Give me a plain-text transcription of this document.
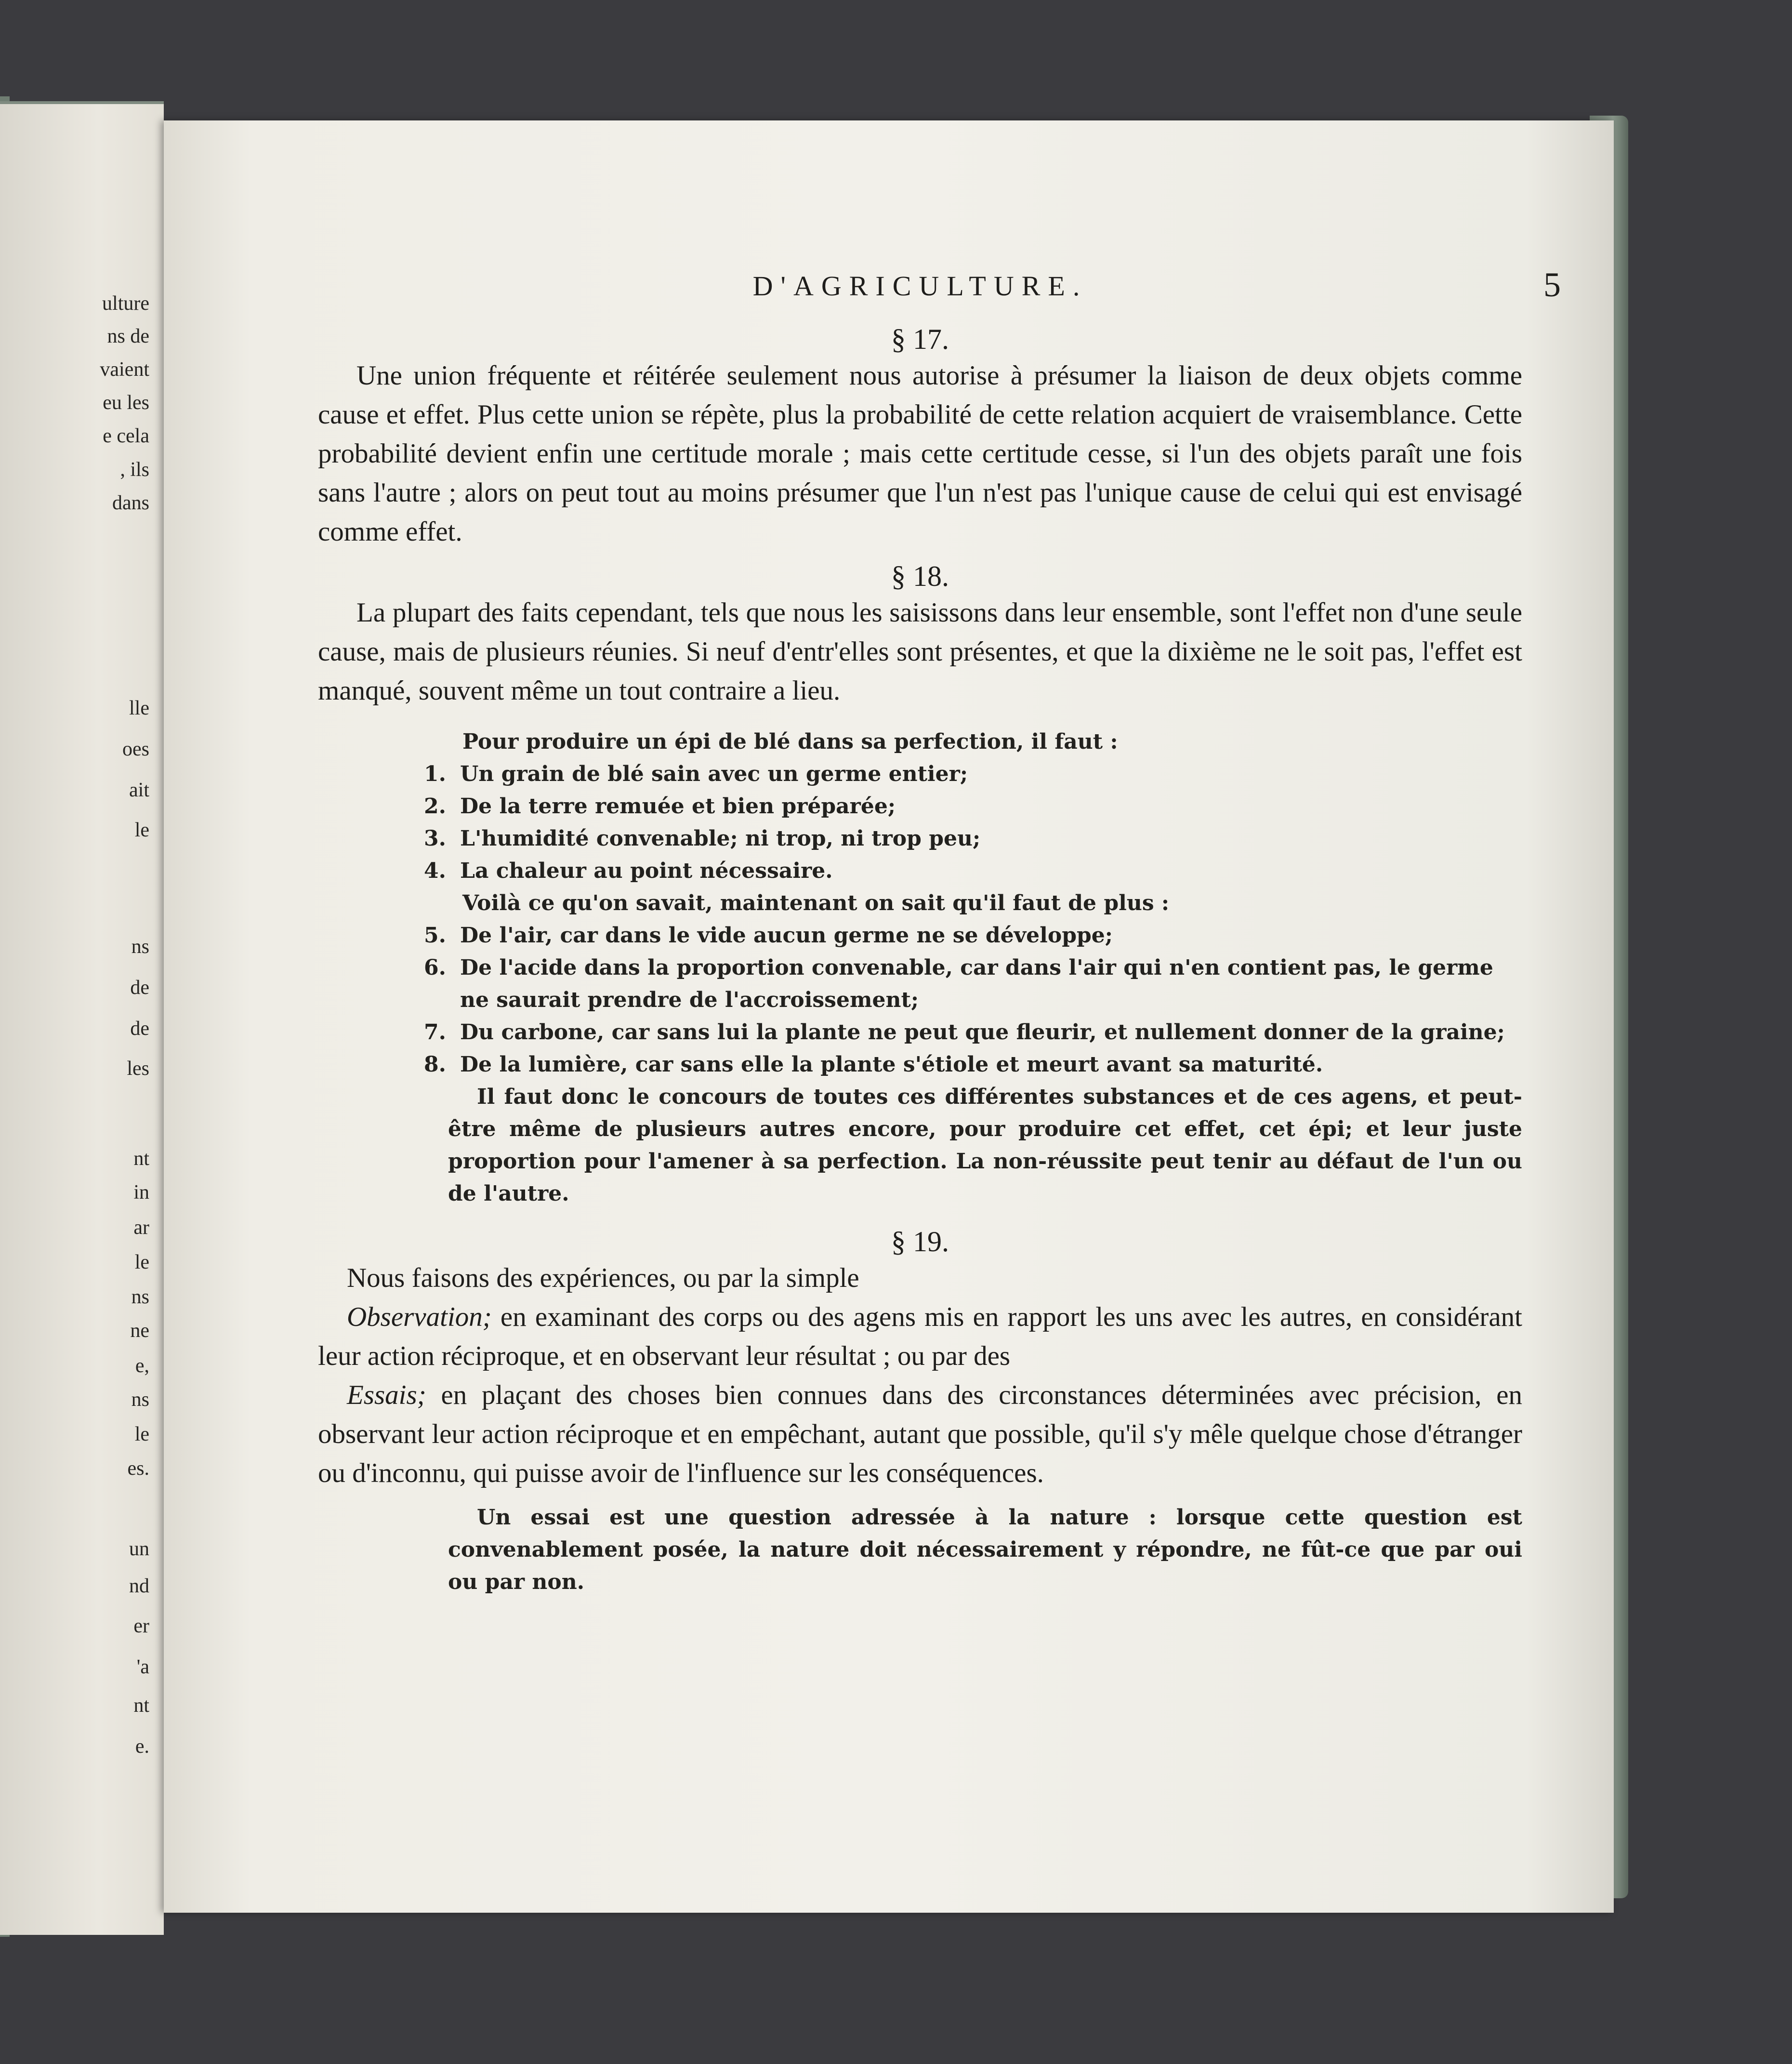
ulture
ns de
vaient
eu les
e cela
, ils
dans
lle
oes
ait
le
ns
de
de
les
nt
in
ar
le
ns
ne
e,
ns
le
es.
un
nd
er
'a
nt
e.
D'AGRICULTURE.	5
§ 17.

Une union fréquente et réitérée seulement nous autorise à présumer la liaison de deux objets comme cause et effet. Plus cette union se répète, plus la probabilité de cette relation acquiert de vraisemblance. Cette probabilité devient enfin une certitude morale ; mais cette certitude cesse, si l'un des objets paraît une fois sans l'autre ; alors on peut tout au moins présumer que l'un n'est pas l'unique cause de celui qui est envisagé comme effet.

§ 18.

La plupart des faits cependant, tels que nous les saisissons dans leur ensemble, sont l'effet non d'une seule cause, mais de plusieurs réunies. Si neuf d'entr'elles sont présentes, et que la dixième ne le soit pas, l'effet est manqué, souvent même un tout contraire a lieu.

Pour produire un épi de blé dans sa perfection, il faut :
1. Un grain de blé sain avec un germe entier;
2. De la terre remuée et bien préparée;
3. L'humidité convenable; ni trop, ni trop peu;
4. La chaleur au point nécessaire.
Voilà ce qu'on savait, maintenant on sait qu'il faut de plus :
5. De l'air, car dans le vide aucun germe ne se développe;
6. De l'acide dans la proportion convenable, car dans l'air qui n'en contient pas, le germe ne saurait prendre de l'accroissement;
7. Du carbone, car sans lui la plante ne peut que fleurir, et nullement donner de la graine;
8. De la lumière, car sans elle la plante s'étiole et meurt avant sa maturité.
Il faut donc le concours de toutes ces différentes substances et de ces agens, et peut-être même de plusieurs autres encore, pour produire cet effet, cet épi; et leur juste proportion pour l'amener à sa perfection. La non-réussite peut tenir au défaut de l'un ou de l'autre.
§ 19.

Nous faisons des expériences, ou par la simple

Observation; en examinant des corps ou des agens mis en rapport les uns avec les autres, en considérant leur action réciproque, et en observant leur résultat ; ou par des

Essais; en plaçant des choses bien connues dans des circonstances déterminées avec précision, en observant leur action réciproque et en empêchant, autant que possible, qu'il s'y mêle quelque chose d'étranger ou d'inconnu, qui puisse avoir de l'influence sur les conséquences.

Un essai est une question adressée à la nature : lorsque cette question est convenablement posée, la nature doit nécessairement y répondre, ne fût-ce que par oui ou par non.
